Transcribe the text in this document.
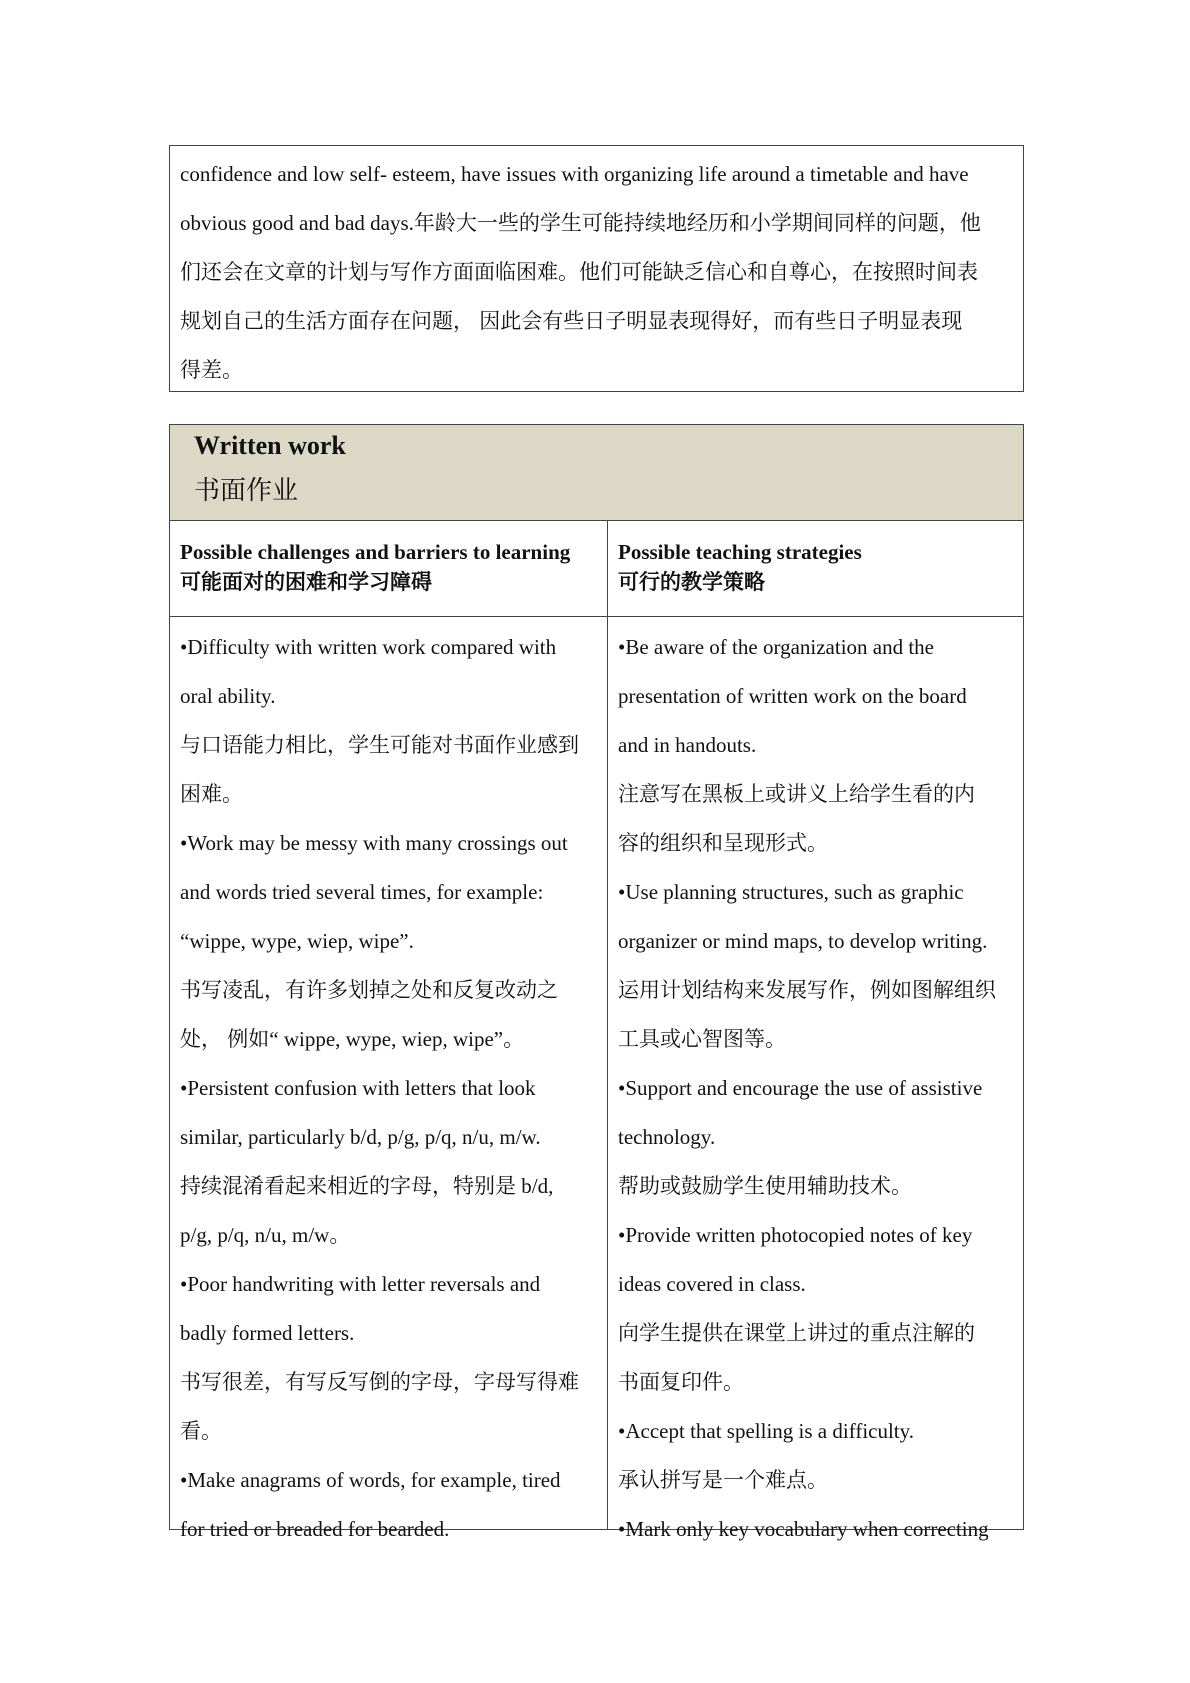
confidence and low self- esteem, have issues with organizing life around a timetable and have
obvious good and bad days.年龄大一些的学生可能持续地经历和小学期间同样的问题，他
们还会在文章的计划与写作方面面临困难。他们可能缺乏信心和自尊心，在按照时间表
规划自己的生活方面存在问题， 因此会有些日子明显表现得好，而有些日子明显表现
得差。
Written work
书面作业
Possible challenges and barriers to learning
可能面对的困难和学习障碍
Possible teaching strategies
可行的教学策略
•Difficulty with written work compared with
oral ability.
与口语能力相比，学生可能对书面作业感到
困难。
•Work may be messy with many crossings out
and words tried several times, for example:
“wippe, wype, wiep, wipe”.
书写凌乱，有许多划掉之处和反复改动之
处， 例如“ wippe, wype, wiep, wipe”。
•Persistent confusion with letters that look
similar, particularly b/d, p/g, p/q, n/u, m/w.
持续混淆看起来相近的字母，特别是 b/d,
p/g, p/q, n/u, m/w。
•Poor handwriting with letter reversals and
badly formed letters.
书写很差，有写反写倒的字母，字母写得难
看。
•Make anagrams of words, for example, tired
for tried or breaded for bearded.
•Be aware of the organization and the
presentation of written work on the board
and in handouts.
注意写在黑板上或讲义上给学生看的内
容的组织和呈现形式。
•Use planning structures, such as graphic
organizer or mind maps, to develop writing.
运用计划结构来发展写作，例如图解组织
工具或心智图等。
•Support and encourage the use of assistive
technology.
帮助或鼓励学生使用辅助技术。
•Provide written photocopied notes of key
ideas covered in class.
向学生提供在课堂上讲过的重点注解的
书面复印件。
•Accept that spelling is a difficulty.
承认拼写是一个难点。
•Mark only key vocabulary when correcting
